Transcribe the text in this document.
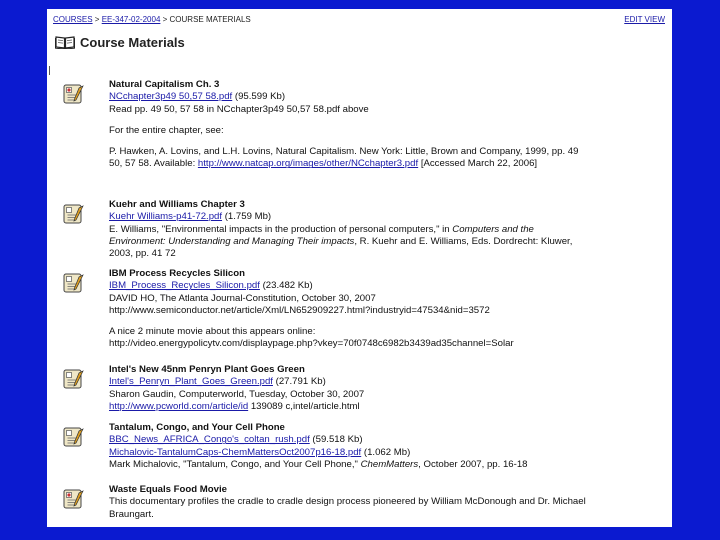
COURSES > EE-347-02-2004 > COURSE MATERIALS	EDIT VIEW
Course Materials
Natural Capitalism Ch. 3
NCchapter3p49 50,57 58.pdf (95.599 Kb)
Read pp. 49 50, 57 58 in NCchapter3p49 50,57 58.pdf above
For the entire chapter, see:
P. Hawken, A. Lovins, and L.H. Lovins, Natural Capitalism. New York: Little, Brown and Company, 1999, pp. 49 50, 57 58. Available: http://www.natcap.org/images/other/NCchapter3.pdf [Accessed March 22, 2006]
Kuehr and Williams Chapter 3
Kuehr Williams-p41-72.pdf (1.759 Mb)
E. Williams, "Environmental impacts in the production of personal computers," in Computers and the Environment: Understanding and Managing Their impacts, R. Kuehr and E. Williams, Eds. Dordrecht: Kluwer, 2003, pp. 41 72
IBM Process Recycles Silicon
IBM_Process_Recycles_Silicon.pdf (23.482 Kb)
DAVID HO, The Atlanta Journal-Constitution, October 30, 2007
http://www.semiconductor.net/article/Xml/LN652909227.html?industryid=47534&nid=3572
A nice 2 minute movie about this appears online:
http://video.energypolicytv.com/displaypage.php?vkey=70f0748c6982b3439ad35channel=Solar
Intel's New 45nm Penryn Plant Goes Green
Intel's_Penryn_Plant_Goes_Green.pdf (27.791 Kb)
Sharon Gaudin, Computerworld, Tuesday, October 30, 2007
http://www.pcworld.com/article/id 139089 c,intel/article.html
Tantalum, Congo, and Your Cell Phone
BBC_News_AFRICA_Congo's_coltan_rush.pdf (59.518 Kb)
Michalovic-TantalumCaps-ChemMattersOct2007p16-18.pdf (1.062 Mb)
Mark Michalovic, "Tantalum, Congo, and Your Cell Phone," ChemMatters, October 2007, pp. 16-18
Waste Equals Food Movie
This documentary profiles the cradle to cradle design process pioneered by William McDonough and Dr. Michael Braungart.
